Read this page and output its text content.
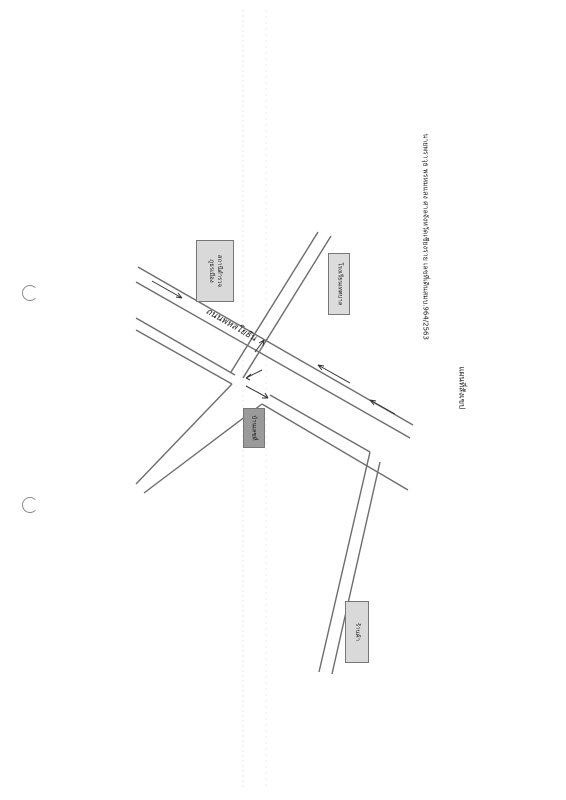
นายพราวุธ พรหมแสง ศาลจังหวัดเชียงราย เลขที่เดินสมบ.964/2563
แผนที่สังเขป
ถนนพหลโยธิน
สถานีตำรวจ
ภูธรเมือง	โรงเรียนเทศบาล
บ้านเลขที่
ร้านค้า
